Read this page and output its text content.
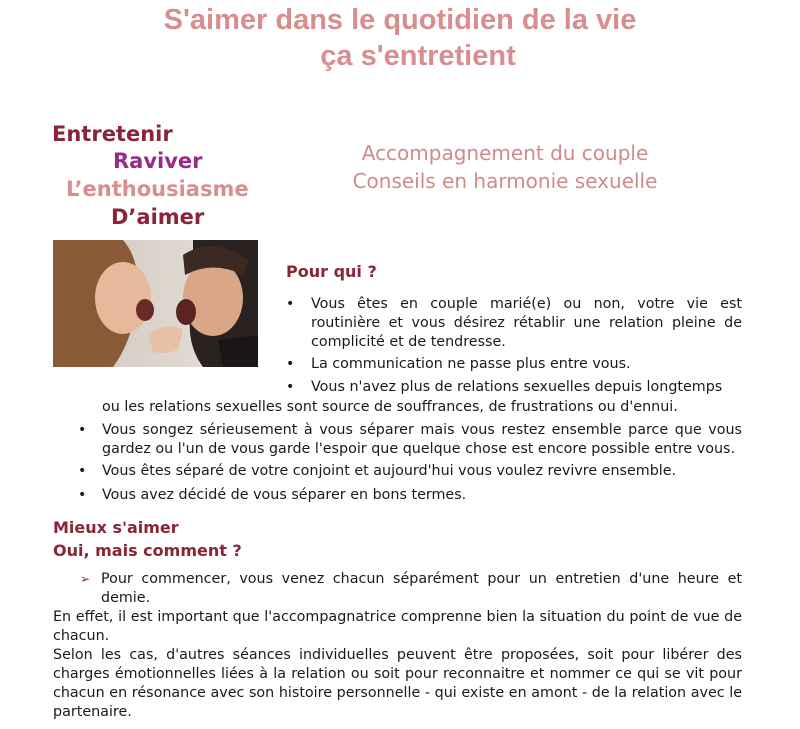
S'aimer dans le quotidien de la vie
ça s'entretient
Entretenir
Raviver
L’enthousiasme
D’aimer
Accompagnement du couple
Conseils en harmonie sexuelle
Pour qui ?
• Vous êtes en couple marié(e) ou non, votre vie est routinière et vous désirez rétablir une relation pleine de complicité et de tendresse.
• La communication ne passe plus entre vous.
• Vous n'avez plus de relations sexuelles depuis longtemps
ou les relations sexuelles sont source de souffrances, de frustrations ou d'ennui.
• Vous songez sérieusement à vous séparer mais vous restez ensemble parce que vous gardez ou l'un de vous garde l'espoir que quelque chose est encore possible entre vous.
• Vous êtes séparé de votre conjoint et aujourd'hui vous voulez revivre ensemble.
• Vous avez décidé de vous séparer en bons termes.
Mieux s'aimer
Oui, mais comment ?
➢ Pour commencer, vous venez chacun séparément pour un entretien d'une heure et demie.
En effet, il est important que l'accompagnatrice comprenne bien la situation du point de vue de chacun.
Selon les cas, d'autres séances individuelles peuvent être proposées, soit pour libérer des charges émotionnelles liées à la relation ou soit pour reconnaitre et nommer ce qui se vit pour chacun en résonance avec son histoire personnelle - qui existe en amont - de la relation avec le partenaire.
